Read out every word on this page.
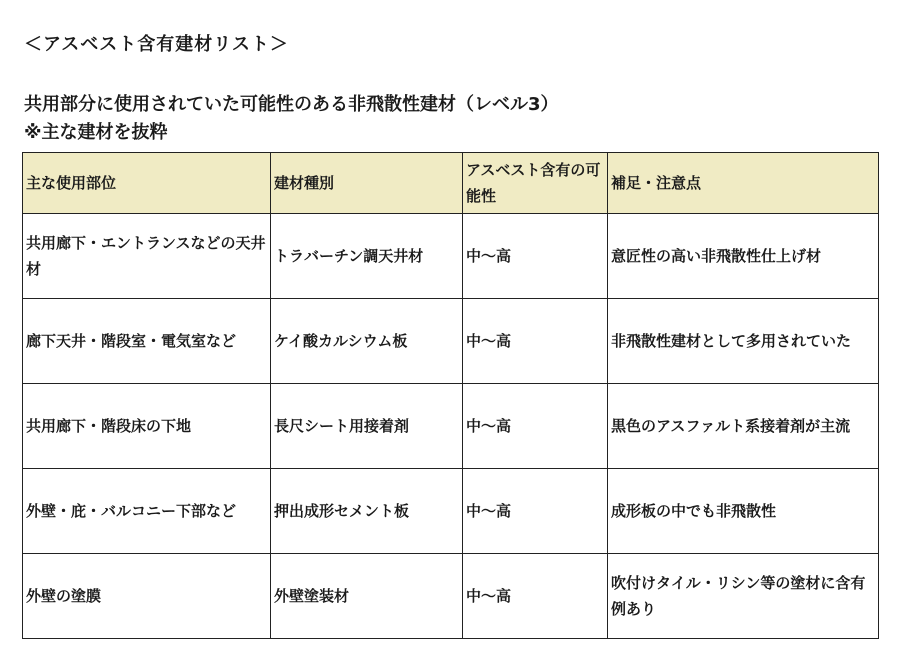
＜アスベスト含有建材リスト＞
共用部分に使用されていた可能性のある非飛散性建材（レベル3）
※主な建材を抜粋
主な使用部位	建材種別	アスベスト含有の可能性	補足・注意点
共用廊下・エントランスなどの天井材	トラバーチン調天井材	中～高	意匠性の高い非飛散性仕上げ材
廊下天井・階段室・電気室など	ケイ酸カルシウム板	中～高	非飛散性建材として多用されていた
共用廊下・階段床の下地	長尺シート用接着剤	中～高	黒色のアスファルト系接着剤が主流
外壁・庇・バルコニー下部など	押出成形セメント板	中～高	成形板の中でも非飛散性
外壁の塗膜	外壁塗装材	中～高	吹付けタイル・リシン等の塗材に含有例あり
